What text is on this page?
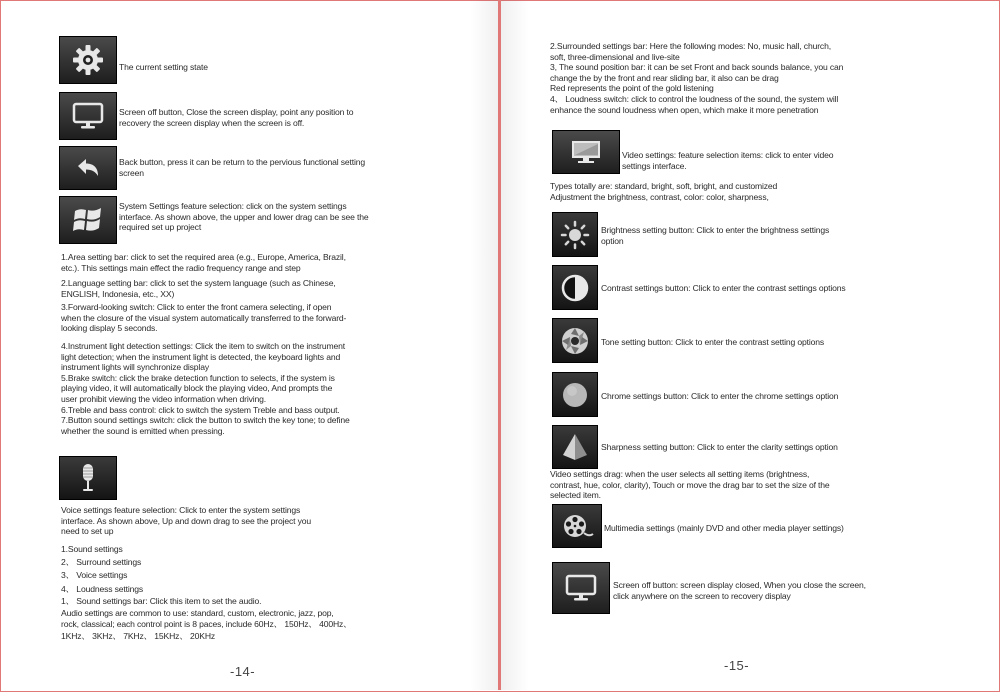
The current setting state
Screen off button, Close the screen display, point any position to
recovery the screen display when the screen is off.
Back button, press it can be return to the pervious functional setting
screen
System Settings feature selection: click on the system settings
interface. As shown above, the upper and lower drag can be see the
required set up project
1.Area setting bar: click to set the required area (e.g., Europe, America, Brazil,
etc.). This settings main effect the radio frequency range and step
2.Language setting bar: click to set the system language (such as Chinese,
ENGLISH, Indonesia, etc., XX)
3.Forward-looking switch: Click to enter the front camera selecting, if open
when the closure of the visual system automatically transferred to the forward-
looking display 5 seconds.
4.Instrument light detection settings: Click the item to switch on the instrument
light detection; when the instrument light is detected, the keyboard lights and
instrument lights will synchronize display
5.Brake switch: click the brake detection function to selects, if the system is
playing video, it will automatically block the playing video, And prompts the
user prohibit viewing the video information when driving.
6.Treble and bass control: click to switch the system Treble and bass output.
7.Button sound settings switch: click the button to switch the key tone; to define
whether the sound is emitted when pressing.
Voice settings feature selection: Click to enter the system settings
interface. As shown above, Up and down drag to see the project you
need to set up
1.Sound settings
2、 Surround settings
3、 Voice settings
4、 Loudness settings
1、 Sound settings bar: Click this item to set the audio.
Audio settings are common to use: standard, custom, electronic, jazz, pop,
rock, classical; each control point is 8 paces, include 60Hz、 150Hz、 400Hz、
1KHz、 3KHz、 7KHz、 15KHz、 20KHz
-14-
2.Surrounded settings bar: Here the following modes: No, music hall, church,
soft, three-dimensional and live-site
3, The sound position bar: it can be set Front and back sounds balance, you can
change the by the front and rear sliding bar, it also can be drag
Red represents the point of the gold listening
4、 Loudness switch: click to control the loudness of the sound, the system will
enhance the sound loudness when open, which make it more penetration
Video settings: feature selection items: click to enter video
settings interface.
Types totally are: standard, bright, soft, bright, and customized
Adjustment the brightness, contrast, color: color, sharpness,
Brightness setting button: Click to enter the brightness settings
option
Contrast settings button: Click to enter the contrast settings options
Tone setting button: Click to enter the contrast setting options
Chrome settings button: Click to enter the chrome settings option
Sharpness setting button: Click to enter the clarity settings option
Video settings drag: when the user selects all setting items (brightness,
contrast, hue, color, clarity), Touch or move the drag bar to set the size of the
selected item.
Multimedia settings (mainly DVD and other media player settings)
Screen off button: screen display closed, When you close the screen,
click anywhere on the screen to recovery display
-15-
